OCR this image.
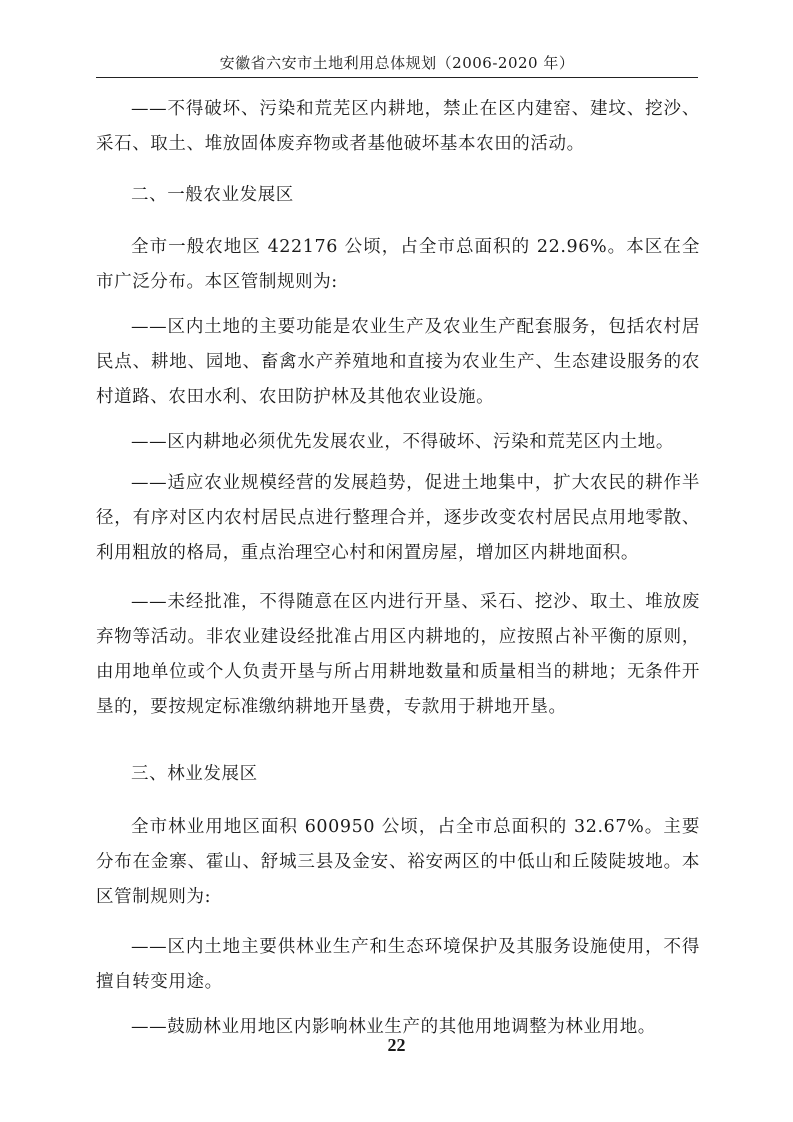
安徽省六安市土地利用总体规划（2006-2020 年）

——不得破坏、污染和荒芜区内耕地，禁止在区内建窑、建坟、挖沙、采石、取土、堆放固体废弃物或者基他破坏基本农田的活动。

二、一般农业发展区

全市一般农地区 422176 公顷，占全市总面积的 22.96%。本区在全市广泛分布。本区管制规则为:

——区内土地的主要功能是农业生产及农业生产配套服务，包括农村居民点、耕地、园地、畜禽水产养殖地和直接为农业生产、生态建设服务的农村道路、农田水利、农田防护林及其他农业设施。

——区内耕地必须优先发展农业，不得破坏、污染和荒芜区内土地。

——适应农业规模经营的发展趋势，促进土地集中，扩大农民的耕作半径，有序对区内农村居民点进行整理合并，逐步改变农村居民点用地零散、利用粗放的格局，重点治理空心村和闲置房屋，增加区内耕地面积。

——未经批准，不得随意在区内进行开垦、采石、挖沙、取土、堆放废弃物等活动。非农业建设经批准占用区内耕地的，应按照占补平衡的原则，由用地单位或个人负责开垦与所占用耕地数量和质量相当的耕地；无条件开垦的，要按规定标准缴纳耕地开垦费，专款用于耕地开垦。

三、林业发展区

全市林业用地区面积 600950 公顷，占全市总面积的 32.67%。主要分布在金寨、霍山、舒城三县及金安、裕安两区的中低山和丘陵陡坡地。本区管制规则为:

——区内土地主要供林业生产和生态环境保护及其服务设施使用，不得擅自转变用途。

——鼓励林业用地区内影响林业生产的其他用地调整为林业用地。

22
